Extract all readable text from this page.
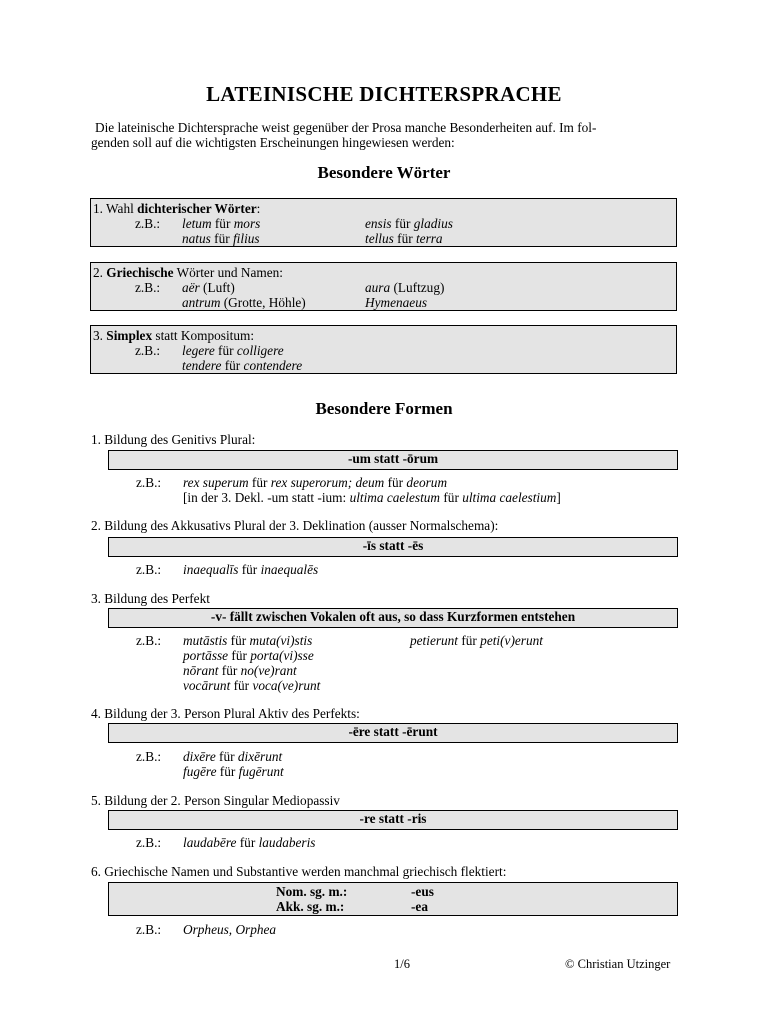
LATEINISCHE DICHTERSPRACHE
Die lateinische Dichtersprache weist gegenüber der Prosa manche Besonderheiten auf. Im fol-
genden soll auf die wichtigsten Erscheinungen hingewiesen werden:
Besondere Wörter
1. Wahl dichterischer Wörter:
z.B.: letum für mors	ensis für gladius
natus für filius	tellus für terra
2. Griechische Wörter und Namen:
z.B.: aër (Luft)	aura (Luftzug)
antrum (Grotte, Höhle)	Hymenaeus
3. Simplex statt Kompositum:
z.B.: legere für colligere
tendere für contendere
Besondere Formen
1. Bildung des Genitivs Plural:
-um statt -ōrum
z.B.: rex superum für rex superorum; deum für deorum
[in der 3. Dekl. -um statt -ium: ultima caelestum für ultima caelestium]
2. Bildung des Akkusativs Plural der 3. Deklination (ausser Normalschema):
-īs statt -ēs
z.B.: inaequalīs für inaequalēs
3. Bildung des Perfekt
-v- fällt zwischen Vokalen oft aus, so dass Kurzformen entstehen
z.B.: mutāstis für muta(vi)stis	petierunt für peti(v)erunt
portāsse für porta(vi)sse
nōrant für no(ve)rant
vocārunt für voca(ve)runt
4. Bildung der 3. Person Plural Aktiv des Perfekts:
-ēre statt -ērunt
z.B.: dixēre für dixērunt
fugēre für fugērunt
5. Bildung der 2. Person Singular Mediopassiv
-re statt -ris
z.B.: laudabēre für laudaberis
6. Griechische Namen und Substantive werden manchmal griechisch flektiert:
Nom. sg. m.:	-eus
Akk. sg. m.:	-ea
z.B.: Orpheus, Orphea
1/6	© Christian Utzinger
